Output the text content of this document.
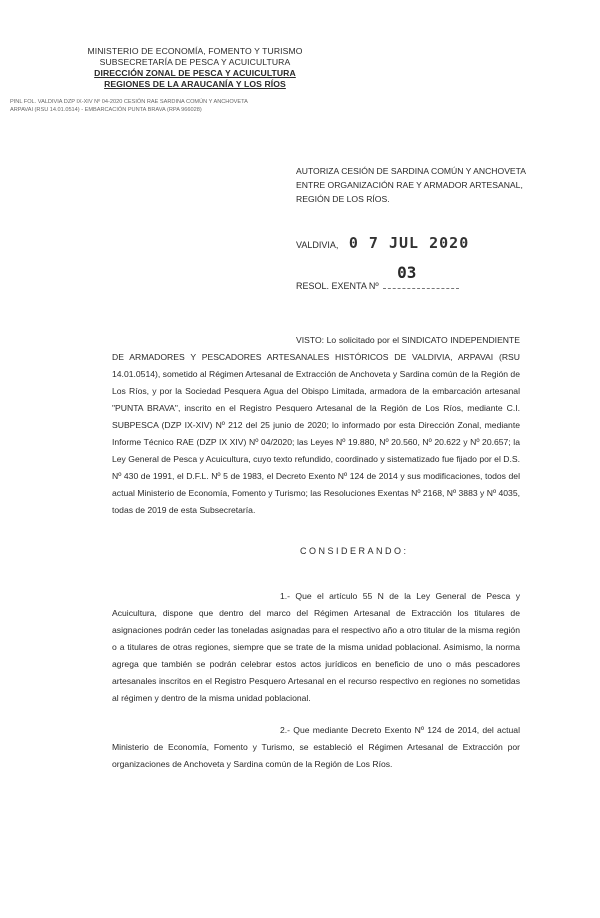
MINISTERIO DE ECONOMÍA, FOMENTO Y TURISMO
SUBSECRETARÍA DE PESCA Y ACUICULTURA
DIRECCIÓN ZONAL DE PESCA Y ACUICULTURA
REGIONES DE LA ARAUCANÍA Y LOS RÍOS
PINL FOL. VALDIVIA DZP IX-XIV Nº 04-2020 CESIÓN RAE SARDINA COMÚN Y ANCHOVETA
ARPAVAI (RSU 14.01.0514) - EMBARCACIÓN PUNTA BRAVA (RPA 966028)
AUTORIZA CESIÓN DE SARDINA COMÚN Y ANCHOVETA ENTRE ORGANIZACIÓN RAE Y ARMADOR ARTESANAL, REGIÓN DE LOS RÍOS.
VALDIVIA, 0 7 JUL 2020
RESOL. EXENTA Nº
03
VISTO: Lo solicitado por el SINDICATO INDEPENDIENTE DE ARMADORES Y PESCADORES ARTESANALES HISTÓRICOS DE VALDIVIA, ARPAVAI (RSU 14.01.0514), sometido al Régimen Artesanal de Extracción de Anchoveta y Sardina común de la Región de Los Ríos, y por la Sociedad Pesquera Agua del Obispo Limitada, armadora de la embarcación artesanal "PUNTA BRAVA", inscrito en el Registro Pesquero Artesanal de la Región de Los Ríos, mediante C.I. SUBPESCA (DZP IX-XIV) Nº 212 del 25 junio de 2020; lo informado por esta Dirección Zonal, mediante Informe Técnico RAE (DZP IX XIV) Nº 04/2020; las Leyes Nº 19.880, Nº 20.560, Nº 20.622 y Nº 20.657; la Ley General de Pesca y Acuicultura, cuyo texto refundido, coordinado y sistematizado fue fijado por el D.S. Nº 430 de 1991, el D.F.L. Nº 5 de 1983, el Decreto Exento Nº 124 de 2014 y sus modificaciones, todos del actual Ministerio de Economía, Fomento y Turismo; las Resoluciones Exentas Nº 2168, Nº 3883 y Nº 4035, todas de 2019 de esta Subsecretaría.
CONSIDERANDO:
1.- Que el artículo 55 N de la Ley General de Pesca y Acuicultura, dispone que dentro del marco del Régimen Artesanal de Extracción los titulares de asignaciones podrán ceder las toneladas asignadas para el respectivo año a otro titular de la misma región o a titulares de otras regiones, siempre que se trate de la misma unidad poblacional. Asimismo, la norma agrega que también se podrán celebrar estos actos jurídicos en beneficio de uno o más pescadores artesanales inscritos en el Registro Pesquero Artesanal en el recurso respectivo en regiones no sometidas al régimen y dentro de la misma unidad poblacional.
2.- Que mediante Decreto Exento Nº 124 de 2014, del actual Ministerio de Economía, Fomento y Turismo, se estableció el Régimen Artesanal de Extracción por organizaciones de Anchoveta y Sardina común de la Región de Los Ríos.
